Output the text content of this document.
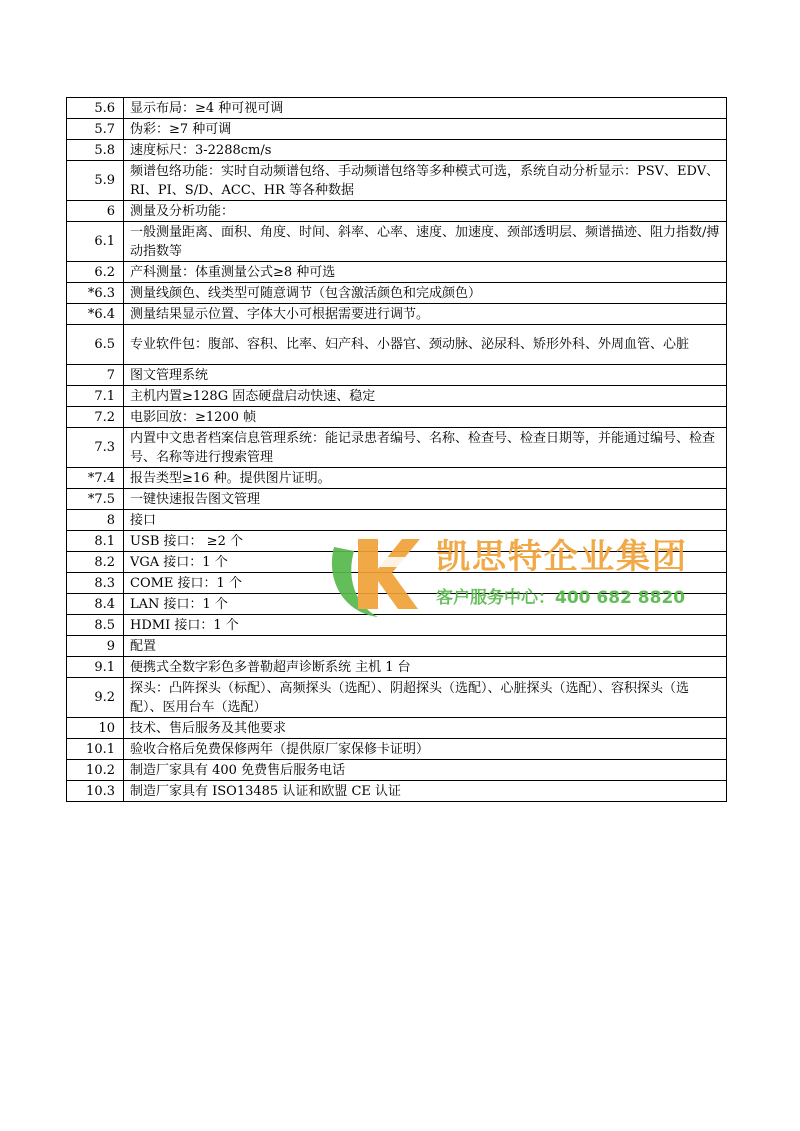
5.6	显示布局：≥4 种可视可调
5.7	伪彩：≥7 种可调
5.8	速度标尺：3-2288cm/s
5.9	频谱包络功能：实时自动频谱包络、手动频谱包络等多种模式可选，系统自动分析显示：PSV、EDV、RI、PI、S/D、ACC、HR 等各种数据
6	测量及分析功能：
6.1	一般测量距离、面积、角度、时间、斜率、心率、速度、加速度、颈部透明层、频谱描迹、阻力指数/搏动指数等
6.2	产科测量：体重测量公式≥8 种可选
*6.3	测量线颜色、线类型可随意调节（包含激活颜色和完成颜色）
*6.4	测量结果显示位置、字体大小可根据需要进行调节。
6.5	专业软件包：腹部、容积、比率、妇产科、小器官、颈动脉、泌尿科、矫形外科、外周血管、心脏
7	图文管理系统
7.1	主机内置≥128G 固态硬盘启动快速、稳定
7.2	电影回放：≥1200 帧
7.3	内置中文患者档案信息管理系统：能记录患者编号、名称、检查号、检查日期等，并能通过编号、检查号、名称等进行搜索管理
*7.4	报告类型≥16 种。提供图片证明。
*7.5	一键快速报告图文管理
8	接口
8.1	USB 接口： ≥2 个
8.2	VGA 接口：1 个
8.3	COME 接口：1 个
8.4	LAN 接口：1 个
8.5	HDMI 接口：1 个
9	配置
9.1	便携式全数字彩色多普勒超声诊断系统 主机 1 台
9.2	探头：凸阵探头（标配）、高频探头（选配）、阴超探头（选配）、心脏探头（选配）、容积探头（选配）、医用台车（选配）
10	技术、售后服务及其他要求
10.1	验收合格后免费保修两年（提供原厂家保修卡证明）
10.2	制造厂家具有 400 免费售后服务电话
10.3	制造厂家具有 ISO13485 认证和欧盟 CE 认证
凯思特企业集团
客户服务中心：400 682 8820
